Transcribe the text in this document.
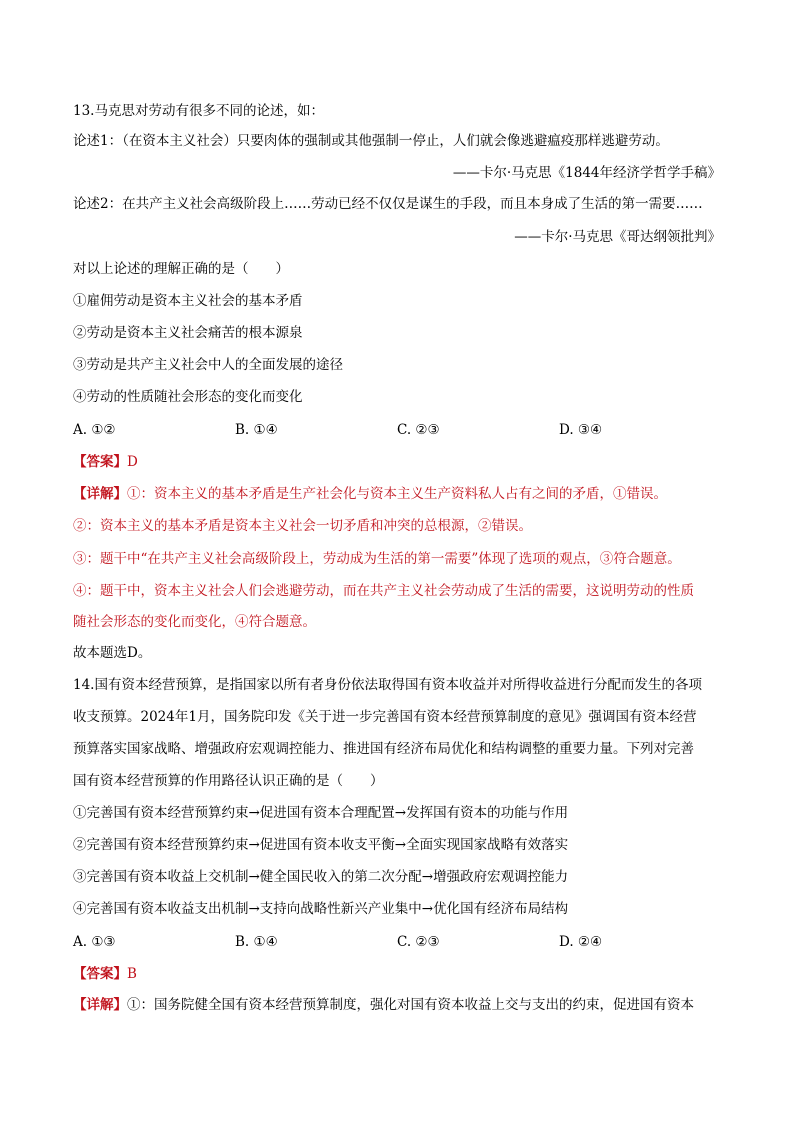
13.马克思对劳动有很多不同的论述，如：
论述1：（在资本主义社会）只要肉体的强制或其他强制一停止，人们就会像逃避瘟疫那样逃避劳动。
——卡尔·马克思《1844年经济学哲学手稿》
论述2：在共产主义社会高级阶段上……劳动已经不仅仅是谋生的手段，而且本身成了生活的第一需要……
——卡尔·马克思《哥达纲领批判》
对以上论述的理解正确的是（　　）
①雇佣劳动是资本主义社会的基本矛盾
②劳动是资本主义社会痛苦的根本源泉
③劳动是共产主义社会中人的全面发展的途径
④劳动的性质随社会形态的变化而变化
A. ①②	B. ①④	C. ②③	D. ③④
【答案】D
【详解】①：资本主义的基本矛盾是生产社会化与资本主义生产资料私人占有之间的矛盾，①错误。
②：资本主义的基本矛盾是资本主义社会一切矛盾和冲突的总根源，②错误。
③：题干中“在共产主义社会高级阶段上，劳动成为生活的第一需要”体现了选项的观点，③符合题意。
④：题干中，资本主义社会人们会逃避劳动，而在共产主义社会劳动成了生活的需要，这说明劳动的性质
随社会形态的变化而变化，④符合题意。
故本题选D。
14.国有资本经营预算，是指国家以所有者身份依法取得国有资本收益并对所得收益进行分配而发生的各项
收支预算。2024年1月，国务院印发《关于进一步完善国有资本经营预算制度的意见》强调国有资本经营
预算落实国家战略、增强政府宏观调控能力、推进国有经济布局优化和结构调整的重要力量。下列对完善
国有资本经营预算的作用路径认识正确的是（　　）
①完善国有资本经营预算约束→促进国有资本合理配置→发挥国有资本的功能与作用
②完善国有资本经营预算约束→促进国有资本收支平衡→全面实现国家战略有效落实
③完善国有资本收益上交机制→健全国民收入的第二次分配→增强政府宏观调控能力
④完善国有资本收益支出机制→支持向战略性新兴产业集中→优化国有经济布局结构
A. ①③	B. ①④	C. ②③	D. ②④
【答案】B
【详解】①：国务院健全国有资本经营预算制度，强化对国有资本收益上交与支出的约束，促进国有资本
